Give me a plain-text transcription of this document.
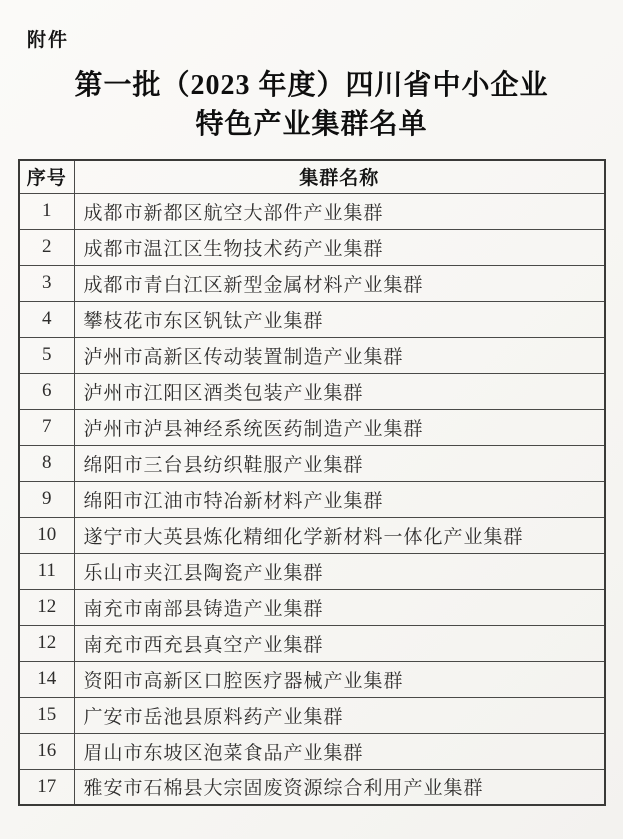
附件
第一批（2023 年度）四川省中小企业
特色产业集群名单
序号	集群名称
1	成都市新都区航空大部件产业集群
2	成都市温江区生物技术药产业集群
3	成都市青白江区新型金属材料产业集群
4	攀枝花市东区钒钛产业集群
5	泸州市高新区传动装置制造产业集群
6	泸州市江阳区酒类包装产业集群
7	泸州市泸县神经系统医药制造产业集群
8	绵阳市三台县纺织鞋服产业集群
9	绵阳市江油市特冶新材料产业集群
10	遂宁市大英县炼化精细化学新材料一体化产业集群
11	乐山市夹江县陶瓷产业集群
12	南充市南部县铸造产业集群
12	南充市西充县真空产业集群
14	资阳市高新区口腔医疗器械产业集群
15	广安市岳池县原料药产业集群
16	眉山市东坡区泡菜食品产业集群
17	雅安市石棉县大宗固废资源综合利用产业集群
